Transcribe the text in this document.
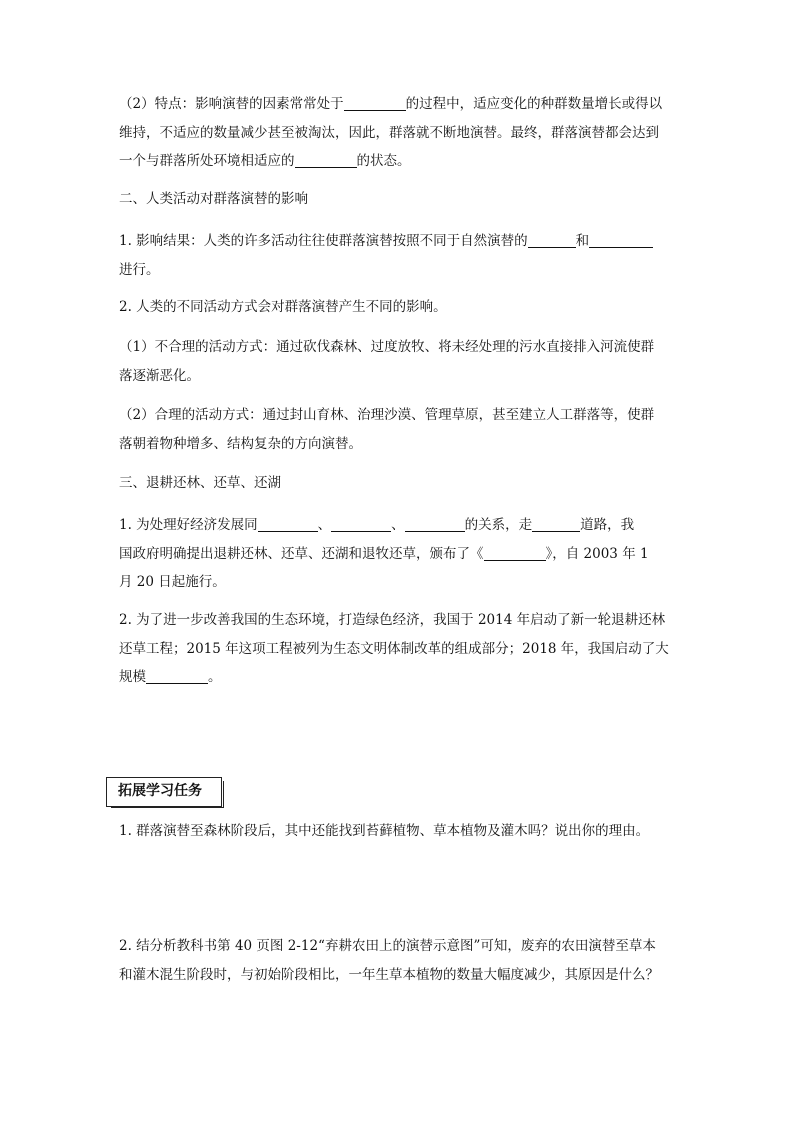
（2）特点：影响演替的因素常常处于	的过程中，适应变化的种群数量增长或得以
维持，不适应的数量减少甚至被淘汰，因此，群落就不断地演替。最终，群落演替都会达到
一个与群落所处环境相适应的	的状态。
二、人类活动对群落演替的影响
1. 影响结果：人类的许多活动往往使群落演替按照不同于自然演替的	和
进行。
2. 人类的不同活动方式会对群落演替产生不同的影响。
（1）不合理的活动方式：通过砍伐森林、过度放牧、将未经处理的污水直接排入河流使群
落逐渐恶化。
（2）合理的活动方式：通过封山育林、治理沙漠、管理草原，甚至建立人工群落等，使群
落朝着物种增多、结构复杂的方向演替。
三、退耕还林、还草、还湖
1. 为处理好经济发展同	、	、	的关系，走	道路，我
国政府明确提出退耕还林、还草、还湖和退牧还草，颁布了《	》，自 2003 年 1
月 20 日起施行。
2. 为了进一步改善我国的生态环境，打造绿色经济，我国于 2014 年启动了新一轮退耕还林
还草工程；2015 年这项工程被列为生态文明体制改革的组成部分；2018 年，我国启动了大
规模	。
拓展学习任务
1. 群落演替至森林阶段后，其中还能找到苔藓植物、草本植物及灌木吗？说出你的理由。
2. 结分析教科书第 40 页图 2-12“弃耕农田上的演替示意图”可知，废弃的农田演替至草本
和灌木混生阶段时，与初始阶段相比，一年生草本植物的数量大幅度减少，其原因是什么？
